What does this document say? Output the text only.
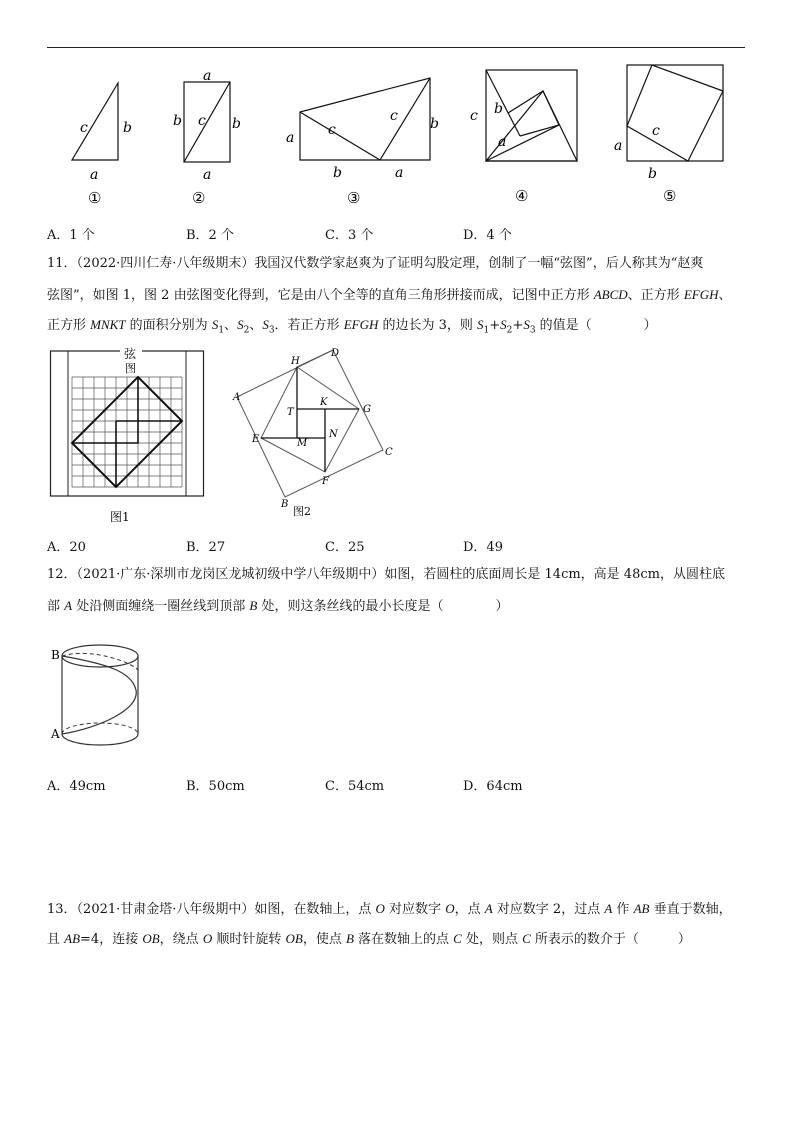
c	b
a
①
a
b c b
a
②
a c
c b
b	a
③
c b
a
④
a
c
b
⑤
A．1 个	B．2 个	C．3 个	D．4 个
11．（2022·四川仁寿·八年级期末）我国汉代数学家赵爽为了证明勾股定理，创制了一幅“弦图”，后人称其为“赵爽
弦图”，如图 1，图 2 由弦图变化得到，它是由八个全等的直角三角形拼接而成，记图中正方形 ABCD、正方形 EFGH、
正方形 MNKT 的面积分别为 $S_1$、$S_2$、$S_3$．若正方形 EFGH 的边长为 3，则 $S_1+S_2+S_3$ 的值是（　　　　）
弦
图
图1
D
H
A
G
T
K
E	M
N
C
F
B
图2
A．20	B．27	C．25	D．49
12．（2021·广东·深圳市龙岗区龙城初级中学八年级期中）如图，若圆柱的底面周长是 14cm，高是 48cm，从圆柱底
部 A 处沿侧面缠绕一圈丝线到顶部 B 处，则这条丝线的最小长度是（　　　　）
B
A
A．49cm	B．50cm	C．54cm	D．64cm
13．（2021·甘肃金塔·八年级期中）如图，在数轴上，点 O 对应数字 O，点 A 对应数字 2，过点 A 作 AB 垂直于数轴，
且 AB=4，连接 OB，绕点 O 顺时针旋转 OB，使点 B 落在数轴上的点 C 处，则点 C 所表示的数介于（　　　）
